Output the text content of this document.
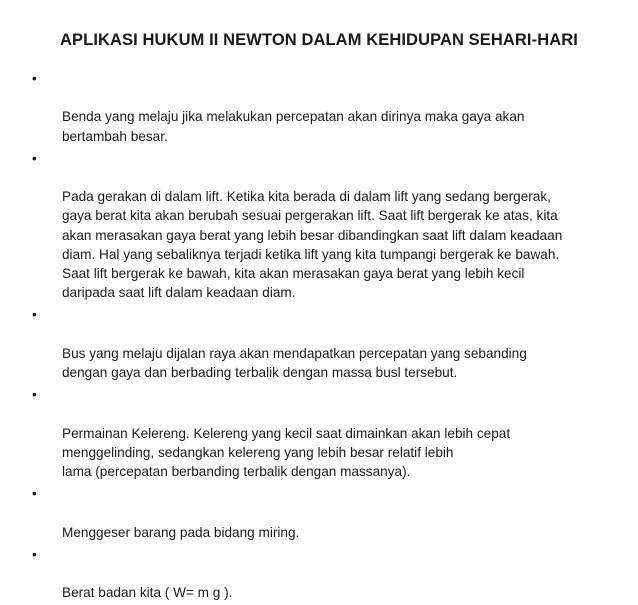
APLIKASI HUKUM II NEWTON DALAM KEHIDUPAN SEHARI-HARI

•

Benda yang melaju jika melakukan percepatan akan dirinya maka gaya akan
bertambah besar.

•

Pada gerakan di dalam lift. Ketika kita berada di dalam lift yang sedang bergerak,
gaya berat kita akan berubah sesuai pergerakan lift. Saat lift bergerak ke atas, kita
akan merasakan gaya berat yang lebih besar dibandingkan saat lift dalam keadaan
diam. Hal yang sebaliknya terjadi ketika lift yang kita tumpangi bergerak ke bawah.
Saat lift bergerak ke bawah, kita akan merasakan gaya berat yang lebih kecil
daripada saat lift dalam keadaan diam.

•

Bus yang melaju dijalan raya akan mendapatkan percepatan yang sebanding
dengan gaya dan berbading terbalik dengan massa busl tersebut.

•

Permainan Kelereng. Kelereng yang kecil saat dimainkan akan lebih cepat
menggelinding, sedangkan kelereng yang lebih besar relatif lebih
lama (percepatan berbanding terbalik dengan massanya).

•

Menggeser barang pada bidang miring.

•

Berat badan kita ( W= m g ).
